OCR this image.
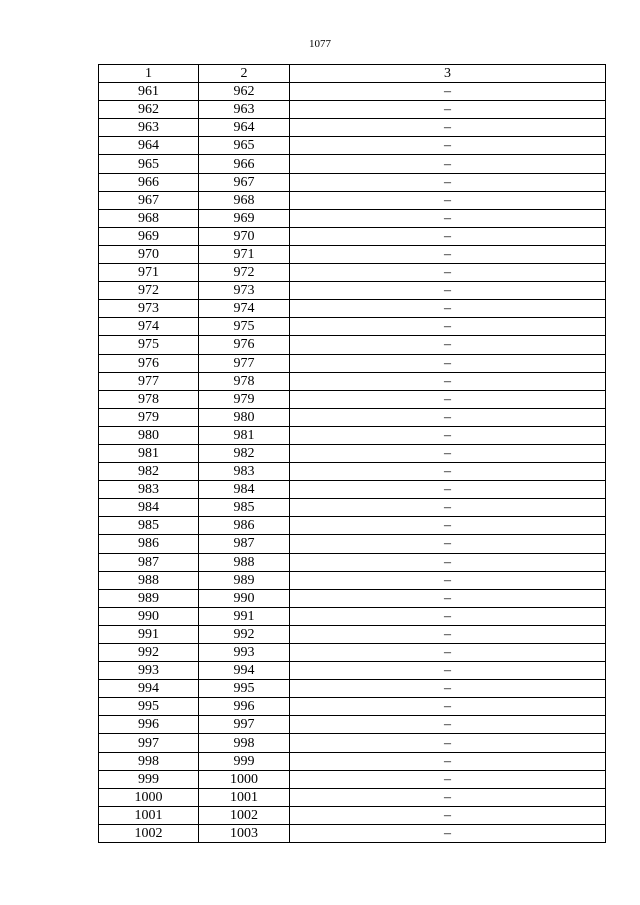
1077
1	2	3
961	962	–
962	963	–
963	964	–
964	965	–
965	966	–
966	967	–
967	968	–
968	969	–
969	970	–
970	971	–
971	972	–
972	973	–
973	974	–
974	975	–
975	976	–
976	977	–
977	978	–
978	979	–
979	980	–
980	981	–
981	982	–
982	983	–
983	984	–
984	985	–
985	986	–
986	987	–
987	988	–
988	989	–
989	990	–
990	991	–
991	992	–
992	993	–
993	994	–
994	995	–
995	996	–
996	997	–
997	998	–
998	999	–
999	1000	–
1000	1001	–
1001	1002	–
1002	1003	–
